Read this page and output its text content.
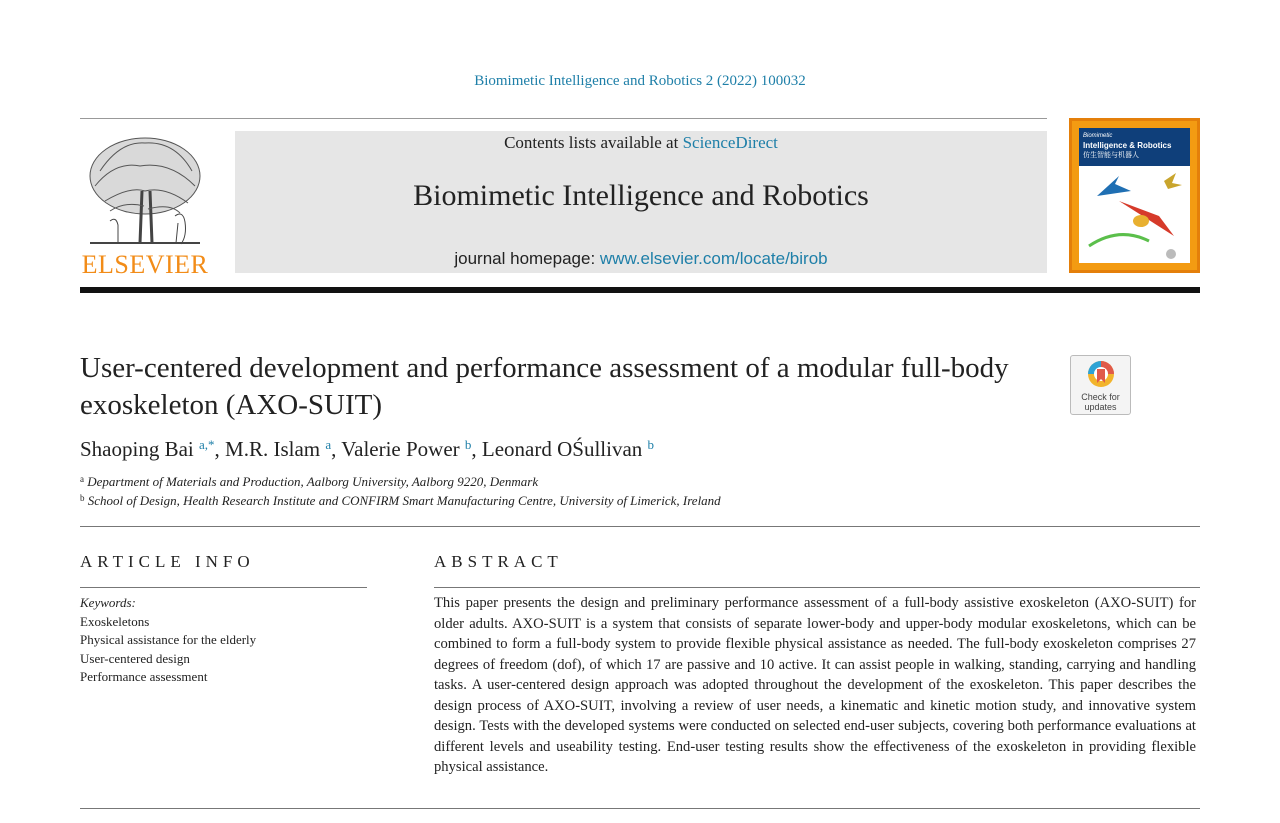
Biomimetic Intelligence and Robotics 2 (2022) 100032
ELSEVIER
Contents lists available at ScienceDirect
Biomimetic Intelligence and Robotics
journal homepage: www.elsevier.com/locate/birob
Biomimetic
Intelligence & Robotics
仿生智能与机器人
User-centered development and performance assessment of a modular full-body exoskeleton (AXO-SUIT)	Check for
updates
Shaoping Bai $^{a,*}$, M.R. Islam $^a$, Valerie Power $^b$, Leonard OŚullivan $^b$
$^a$ Department of Materials and Production, Aalborg University, Aalborg 9220, Denmark
$^b$ School of Design, Health Research Institute and CONFIRM Smart Manufacturing Centre, University of Limerick, Ireland
ARTICLE INFO
Keywords:
Exoskeletons
Physical assistance for the elderly
User-centered design
Performance assessment
ABSTRACT
This paper presents the design and preliminary performance assessment of a full-body assistive exoskeleton (AXO-SUIT) for older adults. AXO-SUIT is a system that consists of separate lower-body and upper-body modular exoskeletons, which can be combined to form a full-body system to provide flexible physical assistance as needed. The full-body exoskeleton comprises 27 degrees of freedom (dof), of which 17 are passive and 10 active. It can assist people in walking, standing, carrying and handling tasks. A user-centered design approach was adopted throughout the development of the exoskeleton. This paper describes the design process of AXO-SUIT, involving a review of user needs, a kinematic and kinetic motion study, and innovative system design. Tests with the developed systems were conducted on selected end-user subjects, covering both performance evaluations at different levels and useability testing. End-user testing results show the effectiveness of the exoskeleton in providing flexible physical assistance.
